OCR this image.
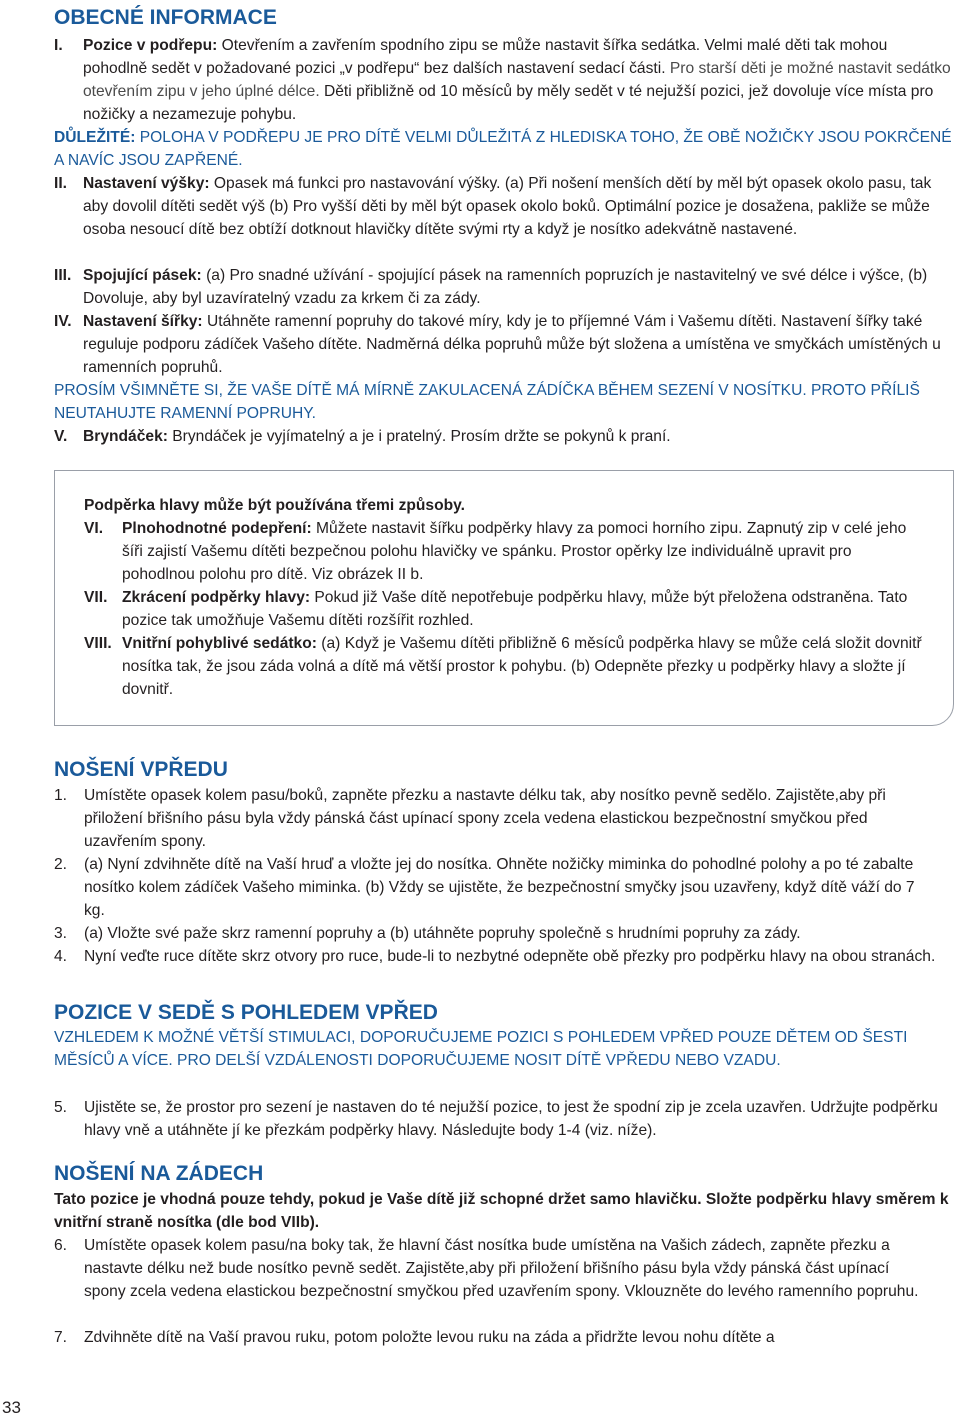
OBECNÉ INFORMACE
I.	Pozice v podřepu: Otevřením a zavřením spodního zipu se může nastavit šířka sedátka. Velmi malé děti tak mohou pohodlně sedět v požadované pozici „v podřepu“ bez dalších nastavení sedací části. Pro starší děti je možné nastavit sedátko otevřením zipu v jeho úplné délce. Děti přibližně od 10 měsíců by měly sedět v té nejužší pozici, jež dovoluje více místa pro nožičky a nezamezuje pohybu.
DŮLEŽITÉ: POLOHA V PODŘEPU JE PRO DÍTĚ VELMI DŮLEŽITÁ Z HLEDISKA TOHO, ŽE OBĚ NOŽIČKY JSOU POKRČENÉ A NAVÍC JSOU ZAPŘENÉ.
II.	Nastavení výšky: Opasek má funkci pro nastavování výšky. (a) Při nošení menších dětí by měl být opasek okolo pasu, tak aby dovolil dítěti sedět výš (b) Pro vyšší děti by měl být opasek okolo boků. Optimální pozice je dosažena, pakliže se může osoba nesoucí dítě bez obtíží dotknout hlavičky dítěte svými rty a když je nosítko adekvátně nastavené.
III. Spojující pásek: (a) Pro snadné užívání - spojující pásek na ramenních popruzích je nastavitelný ve své délce i výšce, (b) Dovoluje, aby byl uzavíratelný vzadu za krkem či za zády.
IV. Nastavení šířky: Utáhněte ramenní popruhy do takové míry, kdy je to příjemné Vám i Vašemu dítěti. Nastavení šířky také reguluje podporu zádíček Vašeho dítěte. Nadměrná délka popruhů může být složena a umístěna ve smyčkách umístěných u ramenních popruhů.
PROSÍM VŠIMNĚTE SI, ŽE VAŠE DÍTĚ MÁ MÍRNĚ ZAKULACENÁ ZÁDÍČKA BĚHEM SEZENÍ V NOSÍTKU. PROTO PŘÍLIŠ NEUTAHUJTE RAMENNÍ POPRUHY.
V.	Bryndáček: Bryndáček je vyjímatelný a je i pratelný. Prosím držte se pokynů k praní.
Podpěrka hlavy může být používána třemi způsoby.
VI.	Plnohodnotné podepření: Můžete nastavit šířku podpěrky hlavy za pomoci horního zipu. Zapnutý zip v celé jeho šíři zajistí Vašemu dítěti bezpečnou polohu hlavičky ve spánku. Prostor opěrky lze individuálně upravit pro pohodlnou polohu pro dítě. Viz obrázek II b.
VII. Zkrácení podpěrky hlavy: Pokud již Vaše dítě nepotřebuje podpěrku hlavy, může být přeložena odstraněna. Tato pozice tak umožňuje Vašemu dítěti rozšířit rozhled.
VIII. Vnitřní pohyblivé sedátko: (a) Když je Vašemu dítěti přibližně 6 měsíců podpěrka hlavy se může celá složit dovnitř nosítka tak, že jsou záda volná a dítě má větší prostor k pohybu. (b) Odepněte přezky u podpěrky hlavy a složte jí dovnitř.
NOŠENÍ VPŘEDU
1.	Umístěte opasek kolem pasu/boků, zapněte přezku a nastavte délku tak, aby nosítko pevně sedělo. Zajistěte,aby při přiložení břišního pásu byla vždy pánská část upínací spony zcela vedena elastickou bezpečnostní smyčkou před uzavřením spony.
2.	(a) Nyní zdvihněte dítě na Vaší hruď a vložte jej do nosítka. Ohněte nožičky miminka do pohodlné polohy a po té zabalte nosítko kolem zádíček Vašeho miminka. (b) Vždy se ujistěte, že bezpečnostní smyčky jsou uzavřeny, když dítě váží do 7 kg.
3.	(a) Vložte své paže skrz ramenní popruhy a (b) utáhněte popruhy společně s hrudními popruhy za zády.
4.	Nyní veďte ruce dítěte skrz otvory pro ruce, bude-li to nezbytné odepněte obě přezky pro podpěrku hlavy na obou stranách.
POZICE V SEDĚ S POHLEDEM VPŘED
VZHLEDEM K MOŽNÉ VĚTŠÍ STIMULACI, DOPORUČUJEME POZICI S POHLEDEM VPŘED POUZE DĚTEM OD ŠESTI MĚSÍCŮ A VÍCE. PRO DELŠÍ VZDÁLENOSTI DOPORUČUJEME NOSIT DÍTĚ VPŘEDU NEBO VZADU.
5.	Ujistěte se, že prostor pro sezení je nastaven do té nejužší pozice, to jest že spodní zip je zcela uzavřen. Udržujte podpěrku hlavy vně a utáhněte jí ke přezkám podpěrky hlavy. Následujte body 1-4 (viz. níže).
NOŠENÍ NA ZÁDECH
Tato pozice je vhodná pouze tehdy, pokud je Vaše dítě již schopné držet samo hlavičku. Složte podpěrku hlavy směrem k vnitřní straně nosítka (dle bod VIIb).
6.	Umístěte opasek kolem pasu/na boky tak, že hlavní část nosítka bude umístěna na Vašich zádech, zapněte přezku a nastavte délku než bude nosítko pevně sedět. Zajistěte,aby při přiložení břišního pásu byla vždy pánská část upínací spony zcela vedena elastickou bezpečnostní smyčkou před uzavřením spony. Vklouzněte do levého ramenního popruhu.
7.	Zdvihněte dítě na Vaší pravou ruku, potom položte levou ruku na záda a přidržte levou nohu dítěte a
33
